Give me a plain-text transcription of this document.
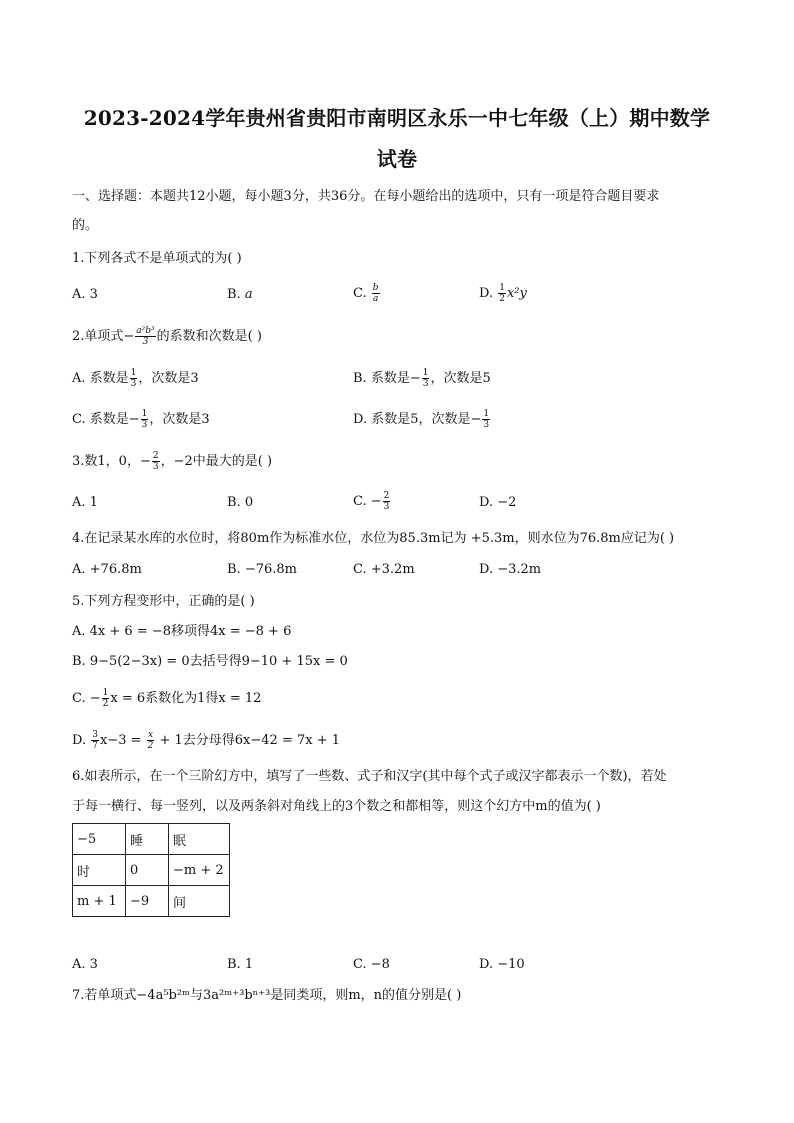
2023-2024学年贵州省贵阳市南明区永乐一中七年级（上）期中数学
试卷
一、选择题：本题共12小题，每小题3分，共36分。在每小题给出的选项中，只有一项是符合题目要求
的。
1.下列各式不是单项式的为( )
A. 3	B. a	C. $\frac{b}{a}$	D. $\frac{1}{2} x^2y$
2.单项式− $\frac{\text{a²b³}}{3}$ 的系数和次数是( )
A. 系数是 $\frac{1}{3}$ ，次数是3	B. 系数是− $\frac{1}{3}$ ，次数是5
C. 系数是− $\frac{1}{3}$ ，次数是3	D. 系数是5，次数是− $\frac{1}{3}$
3.数1，0，− $\frac{2}{3}$ ，−2中最大的是( )
A. 1	B. 0	C. − $\frac{2}{3}$	D. −2
4.在记录某水库的水位时，将80m作为标准水位，水位为85.3m记为 +5.3m，则水位为76.8m应记为( )
A. +76.8m	B. −76.8m	C. +3.2m	D. −3.2m
5.下列方程变形中，正确的是( )
A. 4x + 6 = −8移项得4x = −8 + 6
B. 9−5(2−3x) = 0去括号得9−10 + 15x = 0
C. − $\frac{1}{2}$ x = 6系数化为1得x = 12
D. $\frac{3}{7} x-3 = \frac{x}{2} + 1$去分母得6x−42 = 7x + 1
6.如表所示，在一个三阶幻方中，填写了一些数、式子和汉字(其中每个式子或汉字都表示一个数)，若处
于每一横行、每一竖列，以及两条斜对角线上的3个数之和都相等，则这个幻方中m的值为( )
−5	睡	眠
时	0	−m + 2
m + 1	−9	间
A. 3	B. 1	C. −8	D. −10
7.若单项式−4a⁵b²ᵐ与3a²ᵐ⁺³bⁿ⁺³是同类项，则m，n的值分别是( )
